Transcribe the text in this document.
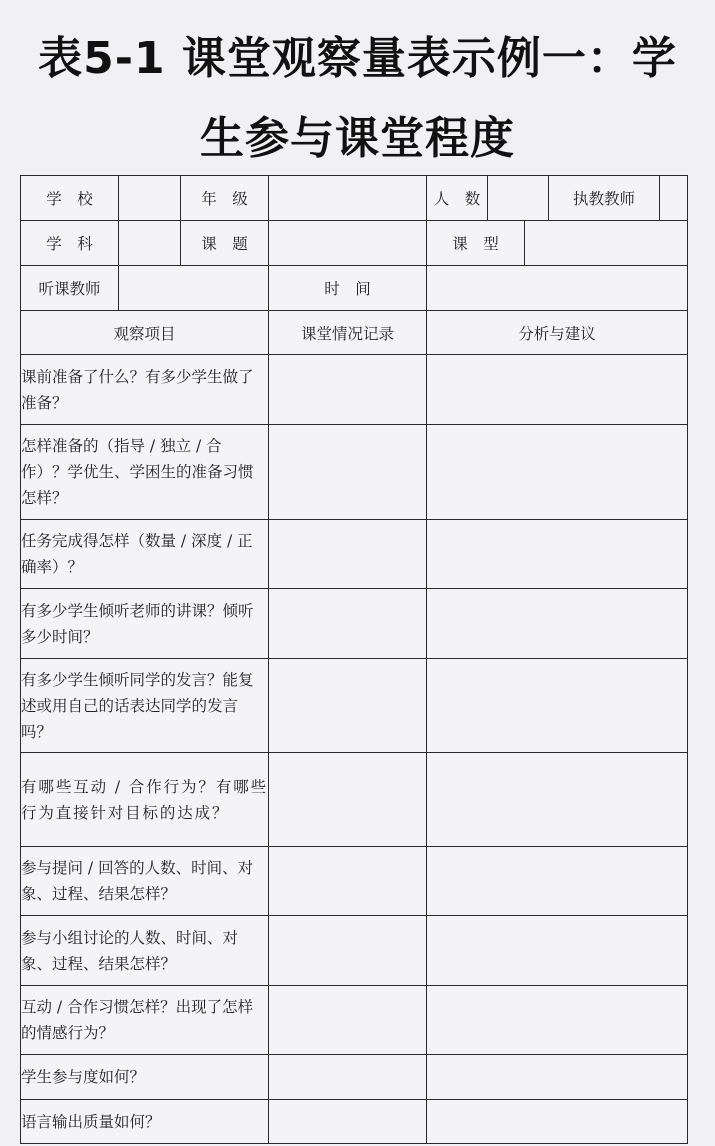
表5-1 课堂观察量表示例一：学
生参与课堂程度
学　校		年　级		人　数	执教教师

学　科		课　题		课　型	

听课教师			时　间		
观察项目			课堂情况记录	分析与建议	
课前准备了什么？有多少学生做了准备？					
怎样准备的（指导 / 独立 / 合作）？学优生、学困生的准备习惯怎样？					
任务完成得怎样（数量 / 深度 / 正确率）？					
有多少学生倾听老师的讲课？倾听多少时间？					
有多少学生倾听同学的发言？能复述或用自己的话表达同学的发言吗？					
有哪些互动 / 合作行为？有哪些行为直接针对目标的达成？					
参与提问 / 回答的人数、时间、对象、过程、结果怎样？					
参与小组讨论的人数、时间、对象、过程、结果怎样？					
互动 / 合作习惯怎样？出现了怎样的情感行为？					
学生参与度如何？					
语言输出质量如何？					
